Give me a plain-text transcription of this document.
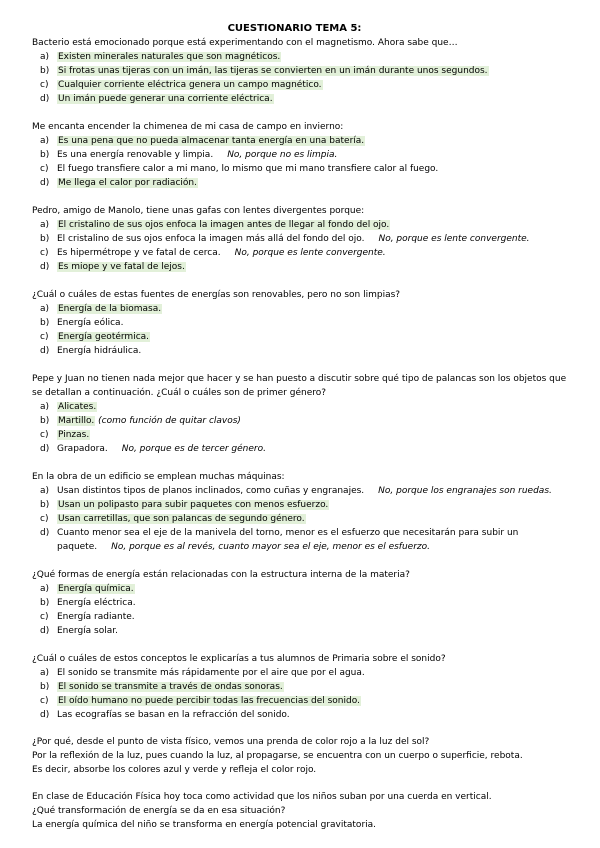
CUESTIONARIO TEMA 5:
Bacterio está emocionado porque está experimentando con el magnetismo. Ahora sabe que…
a) Existen minerales naturales que son magnéticos.
b) Si frotas unas tijeras con un imán, las tijeras se convierten en un imán durante unos segundos.
c) Cualquier corriente eléctrica genera un campo magnético.
d) Un imán puede generar una corriente eléctrica.
Me encanta encender la chimenea de mi casa de campo en invierno:
a) Es una pena que no pueda almacenar tanta energía en una batería.
b) Es una energía renovable y limpia. No, porque no es limpia.
c) El fuego transfiere calor a mi mano, lo mismo que mi mano transfiere calor al fuego.
d) Me llega el calor por radiación.
Pedro, amigo de Manolo, tiene unas gafas con lentes divergentes porque:
a) El cristalino de sus ojos enfoca la imagen antes de llegar al fondo del ojo.
b) El cristalino de sus ojos enfoca la imagen más allá del fondo del ojo. No, porque es lente convergente.
c) Es hipermétrope y ve fatal de cerca. No, porque es lente convergente.
d) Es miope y ve fatal de lejos.
¿Cuál o cuáles de estas fuentes de energías son renovables, pero no son limpias?
a) Energía de la biomasa.
b) Energía eólica.
c) Energía geotérmica.
d) Energía hidráulica.
Pepe y Juan no tienen nada mejor que hacer y se han puesto a discutir sobre qué tipo de palancas son los objetos que se detallan a continuación. ¿Cuál o cuáles son de primer género?
a) Alicates.
b) Martillo. (como función de quitar clavos)
c) Pinzas.
d) Grapadora. No, porque es de tercer género.
En la obra de un edificio se emplean muchas máquinas:
a) Usan distintos tipos de planos inclinados, como cuñas y engranajes. No, porque los engranajes son ruedas.
b) Usan un polipasto para subir paquetes con menos esfuerzo.
c) Usan carretillas, que son palancas de segundo género.
d) Cuanto menor sea el eje de la manivela del torno, menor es el esfuerzo que necesitarán para subir un paquete. No, porque es al revés, cuanto mayor sea el eje, menor es el esfuerzo.
¿Qué formas de energía están relacionadas con la estructura interna de la materia?
a) Energía química.
b) Energía eléctrica.
c) Energía radiante.
d) Energía solar.
¿Cuál o cuáles de estos conceptos le explicarías a tus alumnos de Primaria sobre el sonido?
a) El sonido se transmite más rápidamente por el aire que por el agua.
b) El sonido se transmite a través de ondas sonoras.
c) El oído humano no puede percibir todas las frecuencias del sonido.
d) Las ecografías se basan en la refracción del sonido.
¿Por qué, desde el punto de vista físico, vemos una prenda de color rojo a la luz del sol?
Por la reflexión de la luz, pues cuando la luz, al propagarse, se encuentra con un cuerpo o superficie, rebota.
Es decir, absorbe los colores azul y verde y refleja el color rojo.
En clase de Educación Física hoy toca como actividad que los niños suban por una cuerda en vertical.
¿Qué transformación de energía se da en esa situación?
La energía química del niño se transforma en energía potencial gravitatoria.
